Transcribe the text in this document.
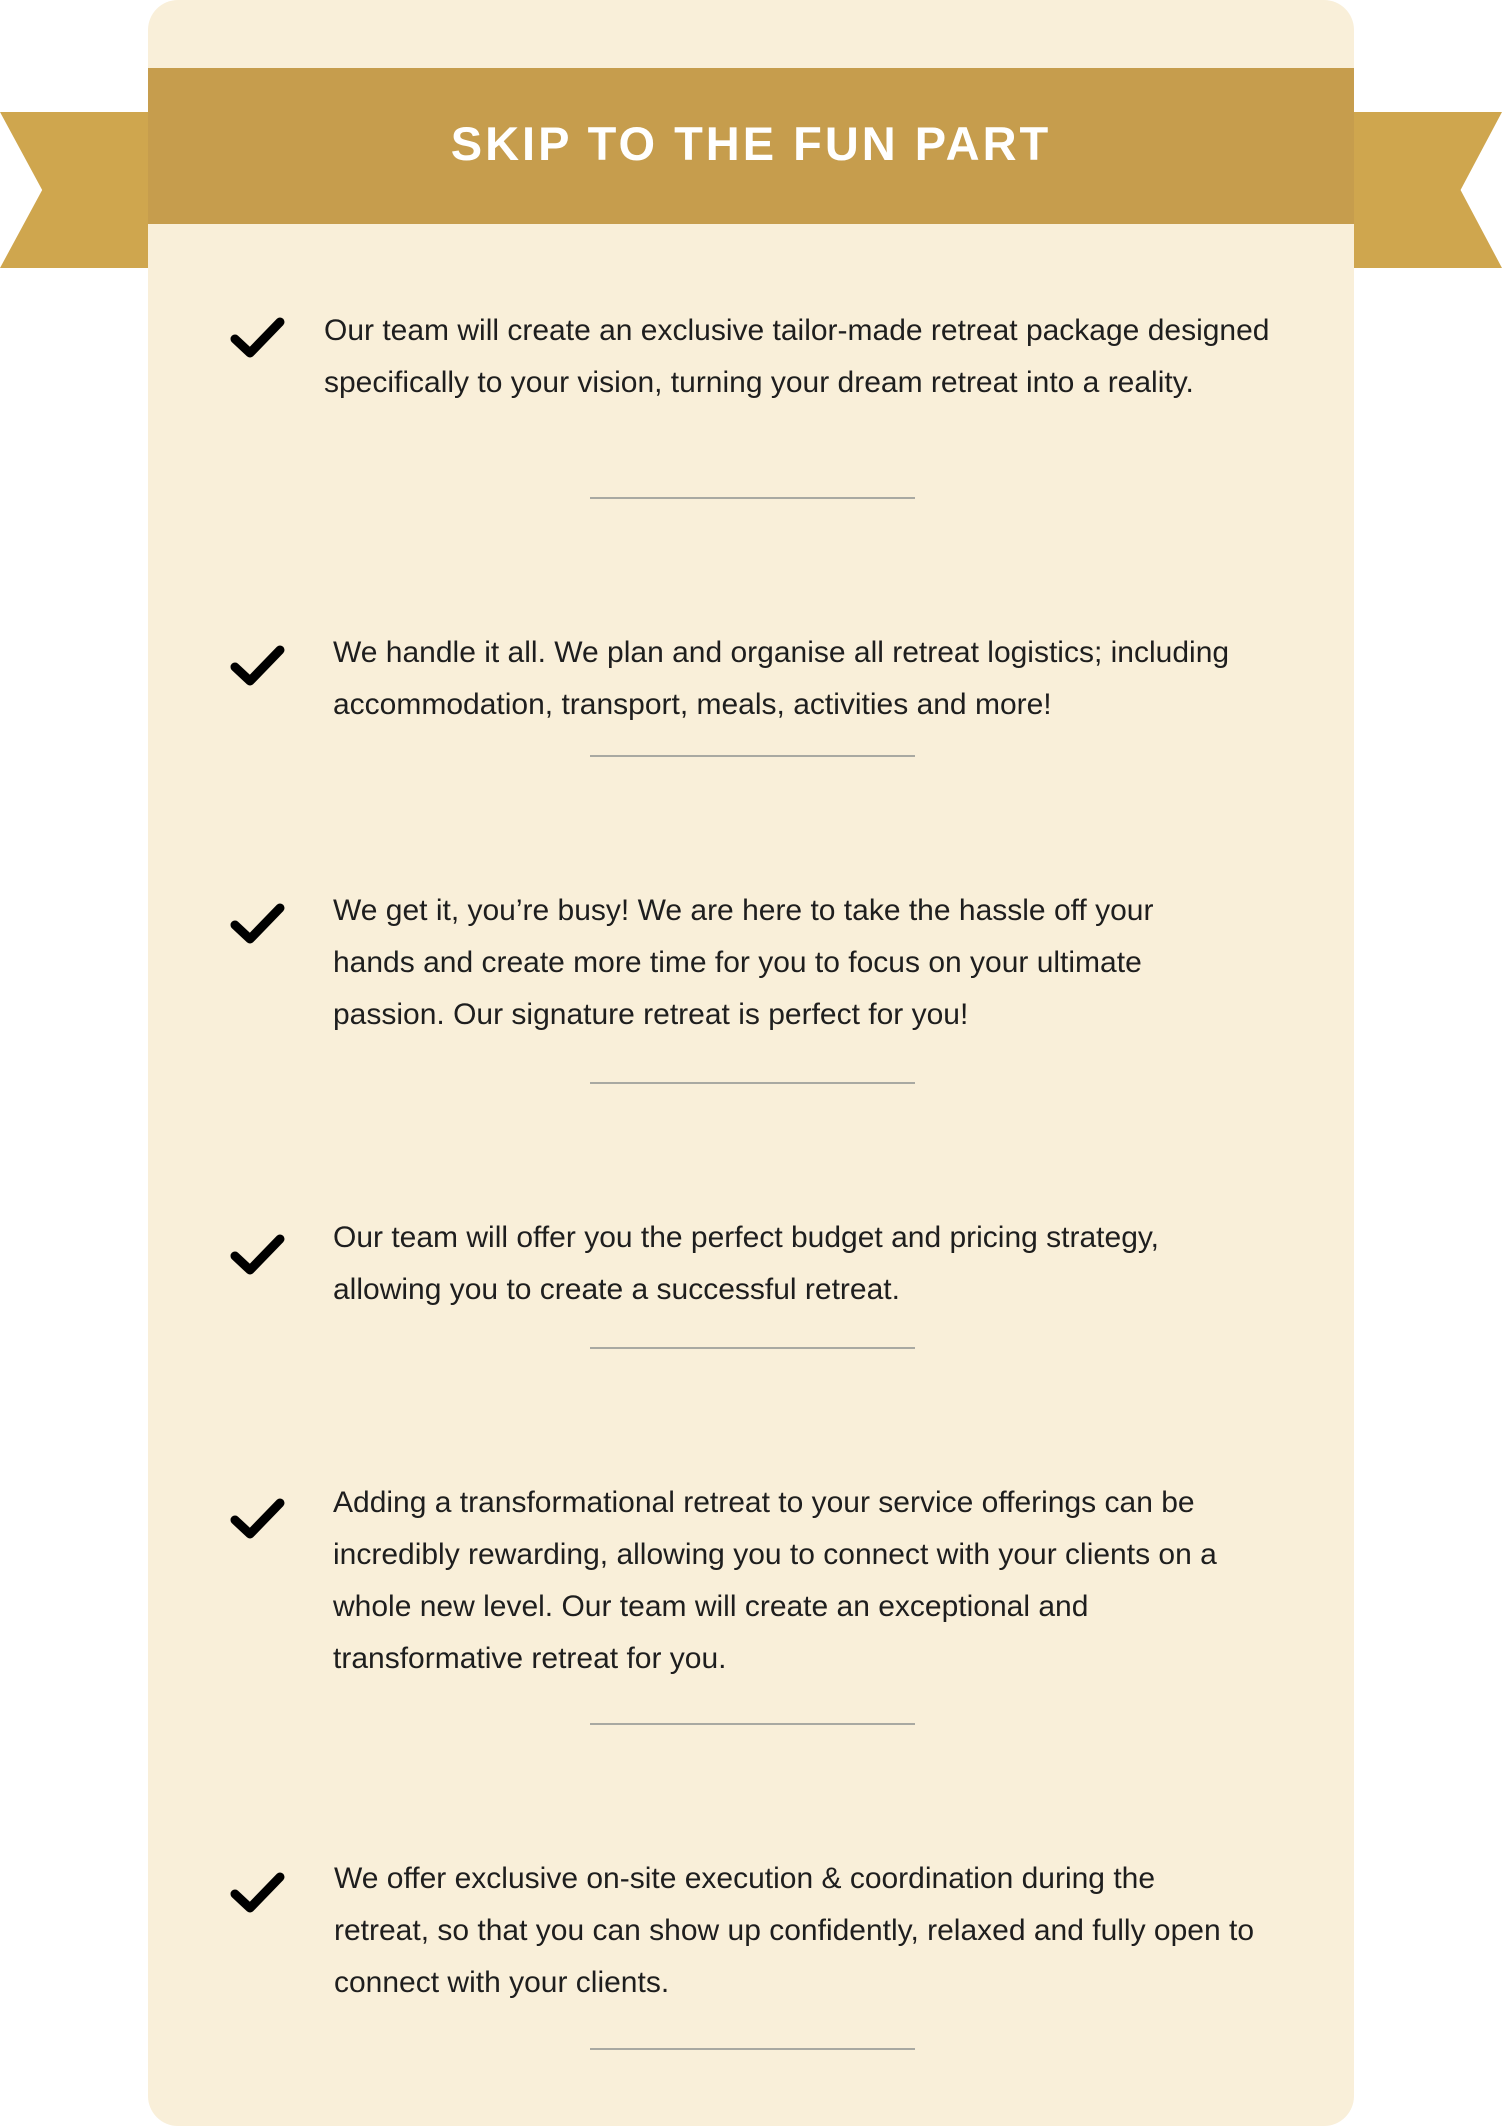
SKIP TO THE FUN PART

Our team will create an exclusive tailor-made retreat package designed specifically to your vision, turning your dream retreat into a reality.

We handle it all. We plan and organise all retreat logistics; including accommodation, transport, meals, activities and more!

We get it, you’re busy! We are here to take the hassle off your hands and create more time for you to focus on your ultimate passion. Our signature retreat is perfect for you!

Our team will offer you the perfect budget and pricing strategy, allowing you to create a successful retreat.

Adding a transformational retreat to your service offerings can be incredibly rewarding, allowing you to connect with your clients on a whole new level. Our team will create an exceptional and transformative retreat for you.

We offer exclusive on-site execution & coordination during the retreat, so that you can show up confidently, relaxed and fully open to connect with your clients.
